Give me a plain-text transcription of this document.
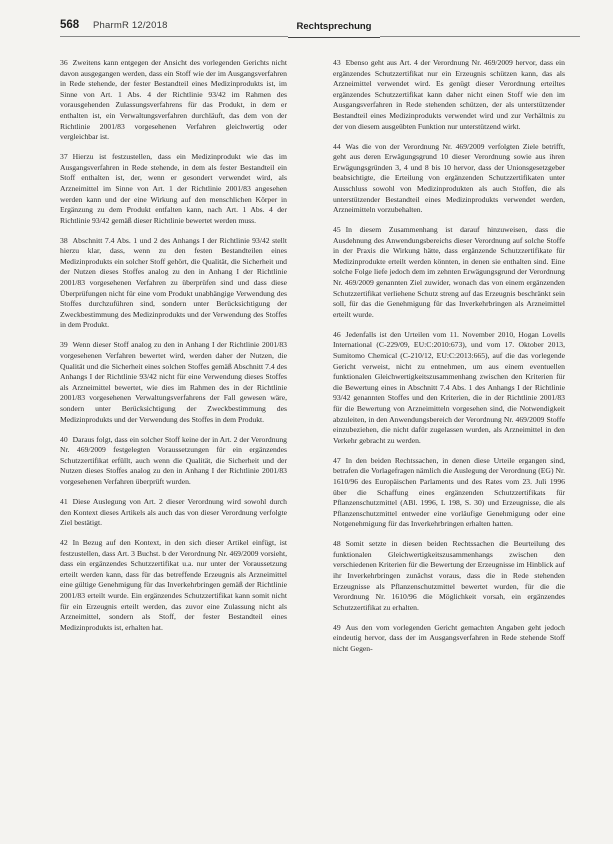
568 PharmR 12/2018	Rechtsprechung

36 Zweitens kann entgegen der Ansicht des vorlegenden Gerichts nicht davon ausgegangen werden, dass ein Stoff wie der im Ausgangsverfahren in Rede stehende, der fester Bestandteil eines Medizinprodukts ist, im Sinne von Art. 1 Abs. 4 der Richtlinie 93/42 im Rahmen des vorausgehenden Zulassungsverfahrens für das Produkt, in dem er enthalten ist, ein Verwaltungsverfahren durchläuft, das dem von der Richtlinie 2001/83 vorgesehenen Verfahren gleichwertig oder vergleichbar ist.

37 Hierzu ist festzustellen, dass ein Medizinprodukt wie das im Ausgangsverfahren in Rede stehende, in dem als fester Bestandteil ein Stoff enthalten ist, der, wenn er gesondert verwendet wird, als Arzneimittel im Sinne von Art. 1 der Richtlinie 2001/83 angesehen werden kann und der eine Wirkung auf den menschlichen Körper in Ergänzung zu dem Produkt entfalten kann, nach Art. 1 Abs. 4 der Richtlinie 93/42 gemäß dieser Richtlinie bewertet werden muss.

38 Abschnitt 7.4 Abs. 1 und 2 des Anhangs I der Richtlinie 93/42 stellt hierzu klar, dass, wenn zu den festen Bestandteilen eines Medizinprodukts ein solcher Stoff gehört, die Qualität, die Sicherheit und der Nutzen dieses Stoffes analog zu den in Anhang I der Richtlinie 2001/83 vorgesehenen Verfahren zu überprüfen sind und dass diese Überprüfungen nicht für eine vom Produkt unabhängige Verwendung des Stoffes durchzuführen sind, sondern unter Berücksichtigung der Zweckbestimmung des Medizinprodukts und der Verwendung des Stoffes in dem Produkt.

39 Wenn dieser Stoff analog zu den in Anhang I der Richtlinie 2001/83 vorgesehenen Verfahren bewertet wird, werden daher der Nutzen, die Qualität und die Sicherheit eines solchen Stoffes gemäß Abschnitt 7.4 des Anhangs I der Richtlinie 93/42 nicht für eine Verwendung dieses Stoffes als Arzneimittel bewertet, wie dies im Rahmen des in der Richtlinie 2001/83 vorgesehenen Verwaltungsverfahrens der Fall gewesen wäre, sondern unter Berücksichtigung der Zweckbestimmung des Medizinprodukts und der Verwendung des Stoffes in dem Produkt.

40 Daraus folgt, dass ein solcher Stoff keine der in Art. 2 der Verordnung Nr. 469/2009 festgelegten Voraussetzungen für ein ergänzendes Schutzzertifikat erfüllt, auch wenn die Qualität, die Sicherheit und der Nutzen dieses Stoffes analog zu den in Anhang I der Richtlinie 2001/83 vorgesehenen Verfahren überprüft wurden.

41 Diese Auslegung von Art. 2 dieser Verordnung wird sowohl durch den Kontext dieses Artikels als auch das von dieser Verordnung verfolgte Ziel bestätigt.

42 In Bezug auf den Kontext, in den sich dieser Artikel einfügt, ist festzustellen, dass Art. 3 Buchst. b der Verordnung Nr. 469/2009 vorsieht, dass ein ergänzendes Schutzzertifikat u.a. nur unter der Voraussetzung erteilt werden kann, dass für das betreffende Erzeugnis als Arzneimittel eine gültige Genehmigung für das Inverkehrbringen gemäß der Richtlinie 2001/83 erteilt wurde. Ein ergänzendes Schutzzertifikat kann somit nicht für ein Erzeugnis erteilt werden, das zuvor eine Zulassung nicht als Arzneimittel, sondern als Stoff, der fester Bestandteil eines Medizinprodukts ist, erhalten hat.

43 Ebenso geht aus Art. 4 der Verordnung Nr. 469/2009 hervor, dass ein ergänzendes Schutzzertifikat nur ein Erzeugnis schützen kann, das als Arzneimittel verwendet wird. Es genügt dieser Verordnung erteiltes ergänzendes Schutzzertifikat kann daher nicht einen Stoff wie den im Ausgangsverfahren in Rede stehenden schützen, der als unterstützender Bestandteil eines Medizinprodukts verwendet wird und zur Verhältnis zu der von diesem ausgeübten Funktion nur unterstützend wirkt.

44 Was die von der Verordnung Nr. 469/2009 verfolgten Ziele betrifft, geht aus deren Erwägungsgrund 10 dieser Verordnung sowie aus ihren Erwägungsgründen 3, 4 und 8 bis 10 hervor, dass der Unionsgesetzgeber beabsichtigte, die Erteilung von ergänzenden Schutzzertifikaten unter Ausschluss sowohl von Medizinprodukten als auch Stoffen, die als unterstützender Bestandteil eines Medizinprodukts verwendet werden, Arzneimitteln vorzubehalten.

45 In diesem Zusammenhang ist darauf hinzuweisen, dass die Ausdehnung des Anwendungsbereichs dieser Verordnung auf solche Stoffe in der Praxis die Wirkung hätte, dass ergänzende Schutzzertifikate für Medizinprodukte erteilt werden könnten, in denen sie enthalten sind. Eine solche Folge liefe jedoch dem im zehnten Erwägungsgrund der Verordnung Nr. 469/2009 genannten Ziel zuwider, wonach das von einem ergänzenden Schutzzertifikat verliehene Schutz streng auf das Erzeugnis beschränkt sein soll, für das die Genehmigung für das Inverkehrbringen als Arzneimittel erteilt wurde.

46 Jedenfalls ist den Urteilen vom 11. November 2010, Hogan Lovells International (C-229/09, EU:C:2010:673), und vom 17. Oktober 2013, Sumitomo Chemical (C-210/12, EU:C:2013:665), auf die das vorlegende Gericht verweist, nicht zu entnehmen, um aus einem eventuellen funktionalen Gleichwertigkeitszusammenhang zwischen den Kriterien für die Bewertung eines in Abschnitt 7.4 Abs. 1 des Anhangs I der Richtlinie 93/42 genannten Stoffes und den Kriterien, die in der Richtlinie 2001/83 für die Bewertung von Arzneimitteln vorgesehen sind, die Notwendigkeit abzuleiten, in den Anwendungsbereich der Verordnung Nr. 469/2009 Stoffe einzubeziehen, die nicht dafür zugelassen wurden, als Arzneimittel in den Verkehr gebracht zu werden.

47 In den beiden Rechtssachen, in denen diese Urteile ergangen sind, betrafen die Vorlagefragen nämlich die Auslegung der Verordnung (EG) Nr. 1610/96 des Europäischen Parlaments und des Rates vom 23. Juli 1996 über die Schaffung eines ergänzenden Schutzzertifikats für Pflanzenschutzmittel (ABl. 1996, L 198, S. 30) und Erzeugnisse, die als Pflanzenschutzmittel entweder eine vorläufige Genehmigung oder eine Notgenehmigung für das Inverkehrbringen erhalten hatten.

48 Somit setzte in diesen beiden Rechtssachen die Beurteilung des funktionalen Gleichwertigkeitszusammenhangs zwischen den verschiedenen Kriterien für die Bewertung der Erzeugnisse im Hinblick auf ihr Inverkehrbringen zunächst voraus, dass die in Rede stehenden Erzeugnisse als Pflanzenschutzmittel bewertet wurden, für die die Verordnung Nr. 1610/96 die Möglichkeit vorsah, ein ergänzendes Schutzzertifikat zu erhalten.

49 Aus den vom vorlegenden Gericht gemachten Angaben geht jedoch eindeutig hervor, dass der im Ausgangsverfahren in Rede stehende Stoff nicht Gegen-
